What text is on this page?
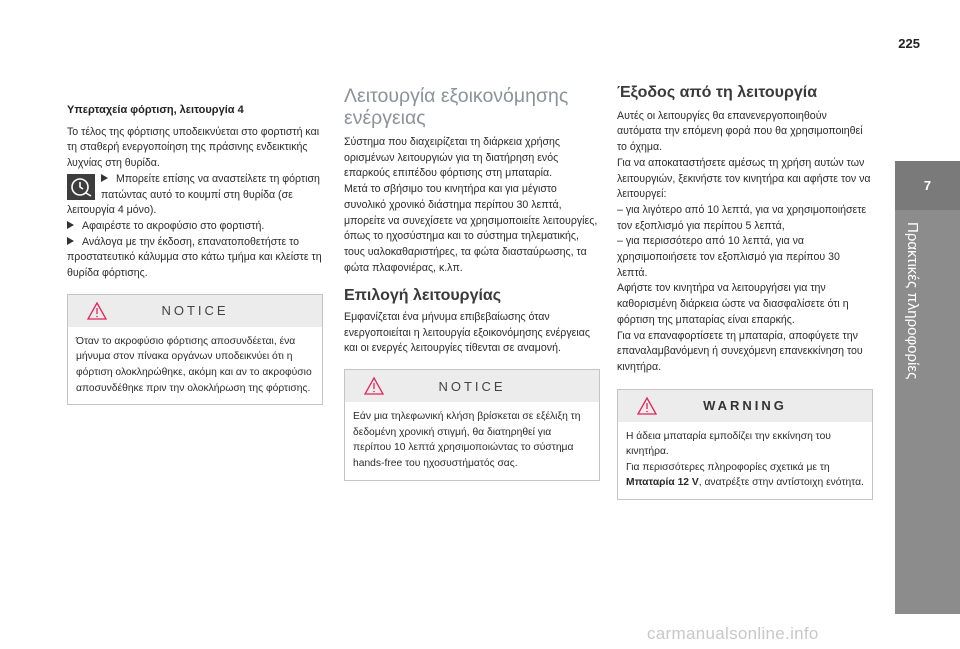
225
7
Πρακτικές πληροφορίες

Υπερταχεία φόρτιση, λειτουργία 4

Το τέλος της φόρτισης υποδεικνύεται στο φορτιστή και τη σταθερή ενεργοποίηση της πράσινης ενδεικτικής λυχνίας στη θυρίδα.

Μπορείτε επίσης να αναστείλετε τη φόρτιση πατώντας αυτό το κουμπί στη θυρίδα (σε λειτουργία 4 μόνο).

Αφαιρέστε το ακροφύσιο στο φορτιστή.

Ανάλογα με την έκδοση, επανατοποθετήστε το προστατευτικό κάλυμμα στο κάτω τμήμα και κλείστε τη θυρίδα φόρτισης.

NOTICE

Όταν το ακροφύσιο φόρτισης αποσυνδέεται, ένα μήνυμα στον πίνακα οργάνων υποδεικνύει ότι η φόρτιση ολοκληρώθηκε, ακόμη και αν το ακροφύσιο αποσυνδέθηκε πριν την ολοκλήρωση της φόρτισης.

Λειτουργία εξοικονόμησης ενέργειας

Σύστημα που διαχειρίζεται τη διάρκεια χρήσης ορισμένων λειτουργιών για τη διατήρηση ενός επαρκούς επιπέδου φόρτισης στη μπαταρία.

Μετά το σβήσιμο του κινητήρα και για μέγιστο συνολικό χρονικό διάστημα περίπου 30 λεπτά, μπορείτε να συνεχίσετε να χρησιμοποιείτε λειτουργίες, όπως το ηχοσύστημα και το σύστημα τηλεματικής, τους υαλοκαθαριστήρες, τα φώτα διασταύρωσης, τα φώτα πλαφονιέρας, κ.λπ.

Επιλογή λειτουργίας

Εμφανίζεται ένα μήνυμα επιβεβαίωσης όταν ενεργοποιείται η λειτουργία εξοικονόμησης ενέργειας και οι ενεργές λειτουργίες τίθενται σε αναμονή.

NOTICE

Εάν μια τηλεφωνική κλήση βρίσκεται σε εξέλιξη τη δεδομένη χρονική στιγμή, θα διατηρηθεί για περίπου 10 λεπτά χρησιμοποιώντας το σύστημα hands-free του ηχοσυστήματός σας.

Έξοδος από τη λειτουργία

Αυτές οι λειτουργίες θα επανενεργοποιηθούν αυτόματα την επόμενη φορά που θα χρησιμοποιηθεί το όχημα.

Για να αποκαταστήσετε αμέσως τη χρήση αυτών των λειτουργιών, ξεκινήστε τον κινητήρα και αφήστε τον να λειτουργεί:

– για λιγότερο από 10 λεπτά, για να χρησιμοποιήσετε τον εξοπλισμό για περίπου 5 λεπτά,

– για περισσότερο από 10 λεπτά, για να χρησιμοποιήσετε τον εξοπλισμό για περίπου 30 λεπτά.

Αφήστε τον κινητήρα να λειτουργήσει για την καθορισμένη διάρκεια ώστε να διασφαλίσετε ότι η φόρτιση της μπαταρίας είναι επαρκής.

Για να επαναφορτίσετε τη μπαταρία, αποφύγετε την επαναλαμβανόμενη ή συνεχόμενη επανεκκίνηση του κινητήρα.

WARNING

Η άδεια μπαταρία εμποδίζει την εκκίνηση του κινητήρα.

Για περισσότερες πληροφορίες σχετικά με τη Μπαταρία 12 V, ανατρέξτε στην αντίστοιχη ενότητα.

carmanualsonline.info
